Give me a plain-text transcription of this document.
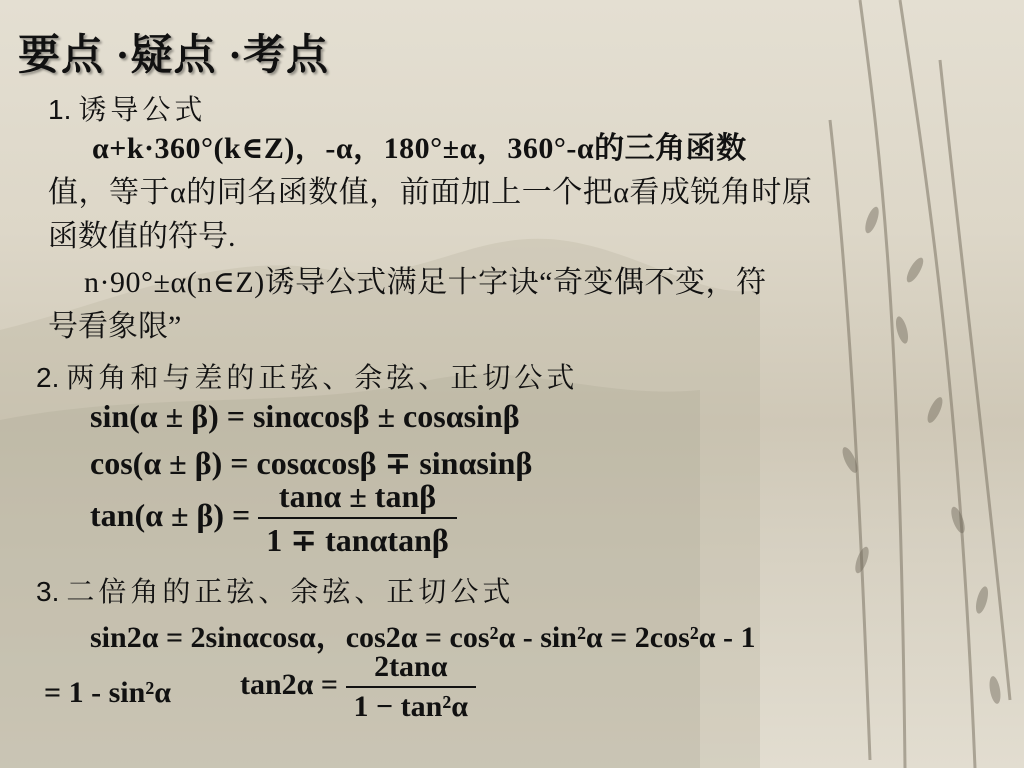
要点 ·疑点 ·考点
1. 诱导公式
α+k·360°(k∈Z)，-α，180°±α，360°-α的三角函数
值，等于α的同名函数值，前面加上一个把α看成锐角时原
函数值的符号.
n·90°±α(n∈Z)诱导公式满足十字诀“奇变偶不变，符
号看象限”
2. 两角和与差的正弦、余弦、正切公式
sin(α ± β) = sinαcosβ ± cosαsinβ
cos(α ± β) = cosαcosβ ∓ sinαsinβ
$\tan(\alpha \pm \beta) = \frac{\tan\alpha \pm \tan\beta}{1 \mp \tan\alpha\tan\beta}$
3. 二倍角的正弦、余弦、正切公式
sin2α = 2sinαcosα，cos2α = cos²α - sin²α = 2cos²α - 1
= 1 - sin²α $\tan 2\alpha = \frac{2\tan\alpha}{\text{1 − tan²α}}$
